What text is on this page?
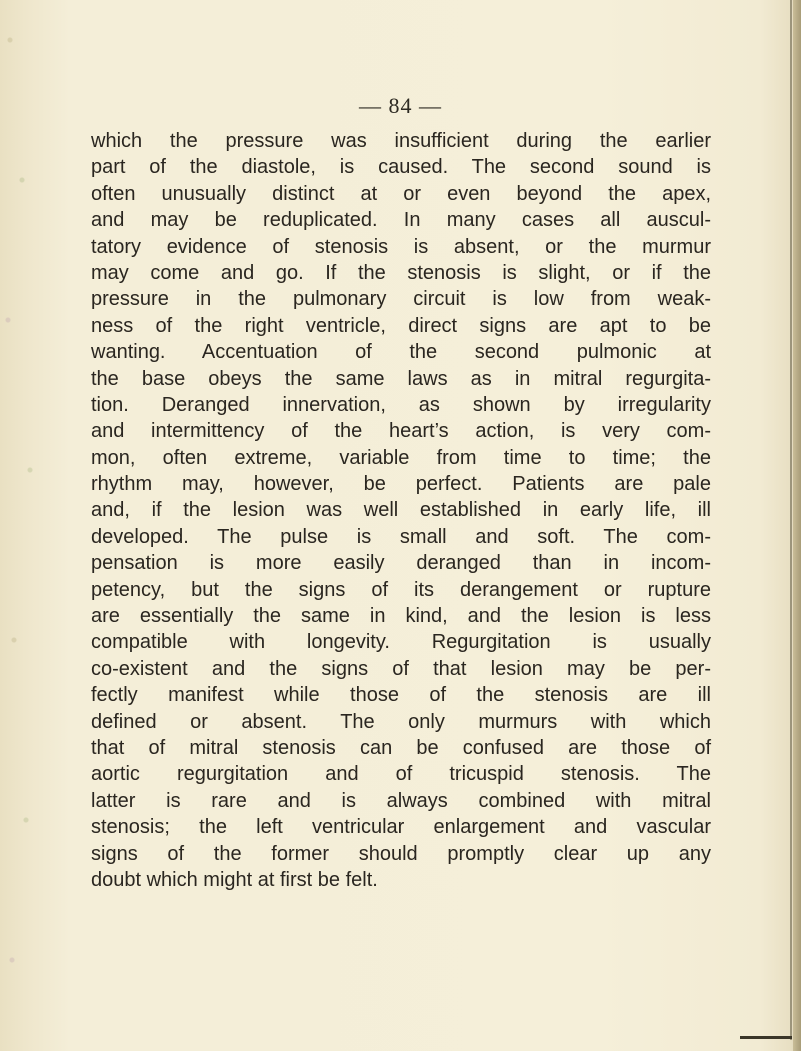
— 84 —
which the pressure was insufficient during the earlier
part of the diastole, is caused. The second sound is
often unusually distinct at or even beyond the apex,
and may be reduplicated. In many cases all auscul-
tatory evidence of stenosis is absent, or the murmur
may come and go. If the stenosis is slight, or if the
pressure in the pulmonary circuit is low from weak-
ness of the right ventricle, direct signs are apt to be
wanting. Accentuation of the second pulmonic at
the base obeys the same laws as in mitral regurgita-
tion. Deranged innervation, as shown by irregularity
and intermittency of the heart’s action, is very com-
mon, often extreme, variable from time to time; the
rhythm may, however, be perfect. Patients are pale
and, if the lesion was well established in early life, ill
developed. The pulse is small and soft. The com-
pensation is more easily deranged than in incom-
petency, but the signs of its derangement or rupture
are essentially the same in kind, and the lesion is less
compatible with longevity. Regurgitation is usually
co-existent and the signs of that lesion may be per-
fectly manifest while those of the stenosis are ill
defined or absent. The only murmurs with which
that of mitral stenosis can be confused are those of
aortic regurgitation and of tricuspid stenosis. The
latter is rare and is always combined with mitral
stenosis; the left ventricular enlargement and vascular
signs of the former should promptly clear up any
doubt which might at first be felt.
